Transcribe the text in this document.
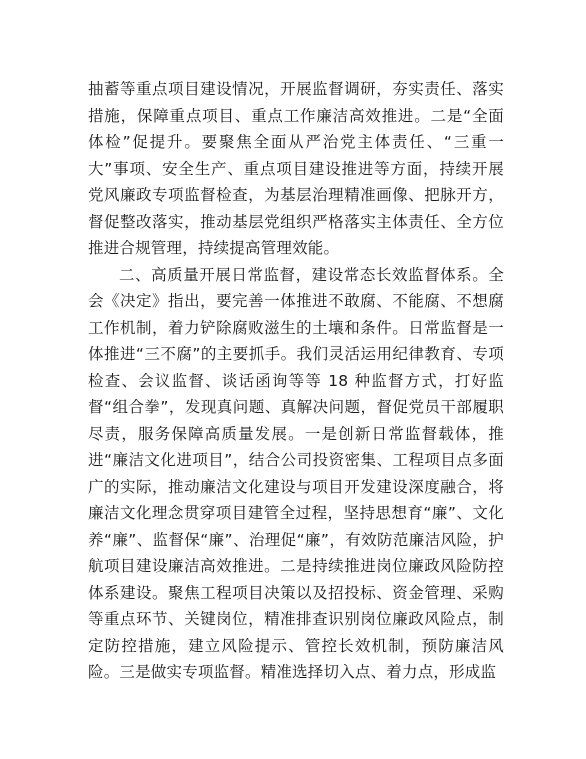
抽蓄等重点项目建设情况，开展监督调研，夯实责任、落实措施，保障重点项目、重点工作廉洁高效推进。二是“全面体检”促提升。要聚焦全面从严治党主体责任、“三重一大”事项、安全生产、重点项目建设推进等方面，持续开展党风廉政专项监督检查，为基层治理精准画像、把脉开方，督促整改落实，推动基层党组织严格落实主体责任、全方位推进合规管理，持续提高管理效能。

二、高质量开展日常监督，建设常态长效监督体系。全会《决定》指出，要完善一体推进不敢腐、不能腐、不想腐工作机制，着力铲除腐败滋生的土壤和条件。日常监督是一体推进“三不腐”的主要抓手。我们灵活运用纪律教育、专项检查、会议监督、谈话函询等等 18 种监督方式，打好监督“组合拳”，发现真问题、真解决问题，督促党员干部履职尽责，服务保障高质量发展。一是创新日常监督载体，推进“廉洁文化进项目”，结合公司投资密集、工程项目点多面广的实际，推动廉洁文化建设与项目开发建设深度融合，将廉洁文化理念贯穿项目建管全过程，坚持思想育“廉”、文化养“廉”、监督保“廉”、治理促“廉”，有效防范廉洁风险，护航项目建设廉洁高效推进。二是持续推进岗位廉政风险防控体系建设。聚焦工程项目决策以及招投标、资金管理、采购等重点环节、关键岗位，精准排查识别岗位廉政风险点，制定防控措施，建立风险提示、管控长效机制，预防廉洁风险。三是做实专项监督。精准选择切入点、着力点，形成监
